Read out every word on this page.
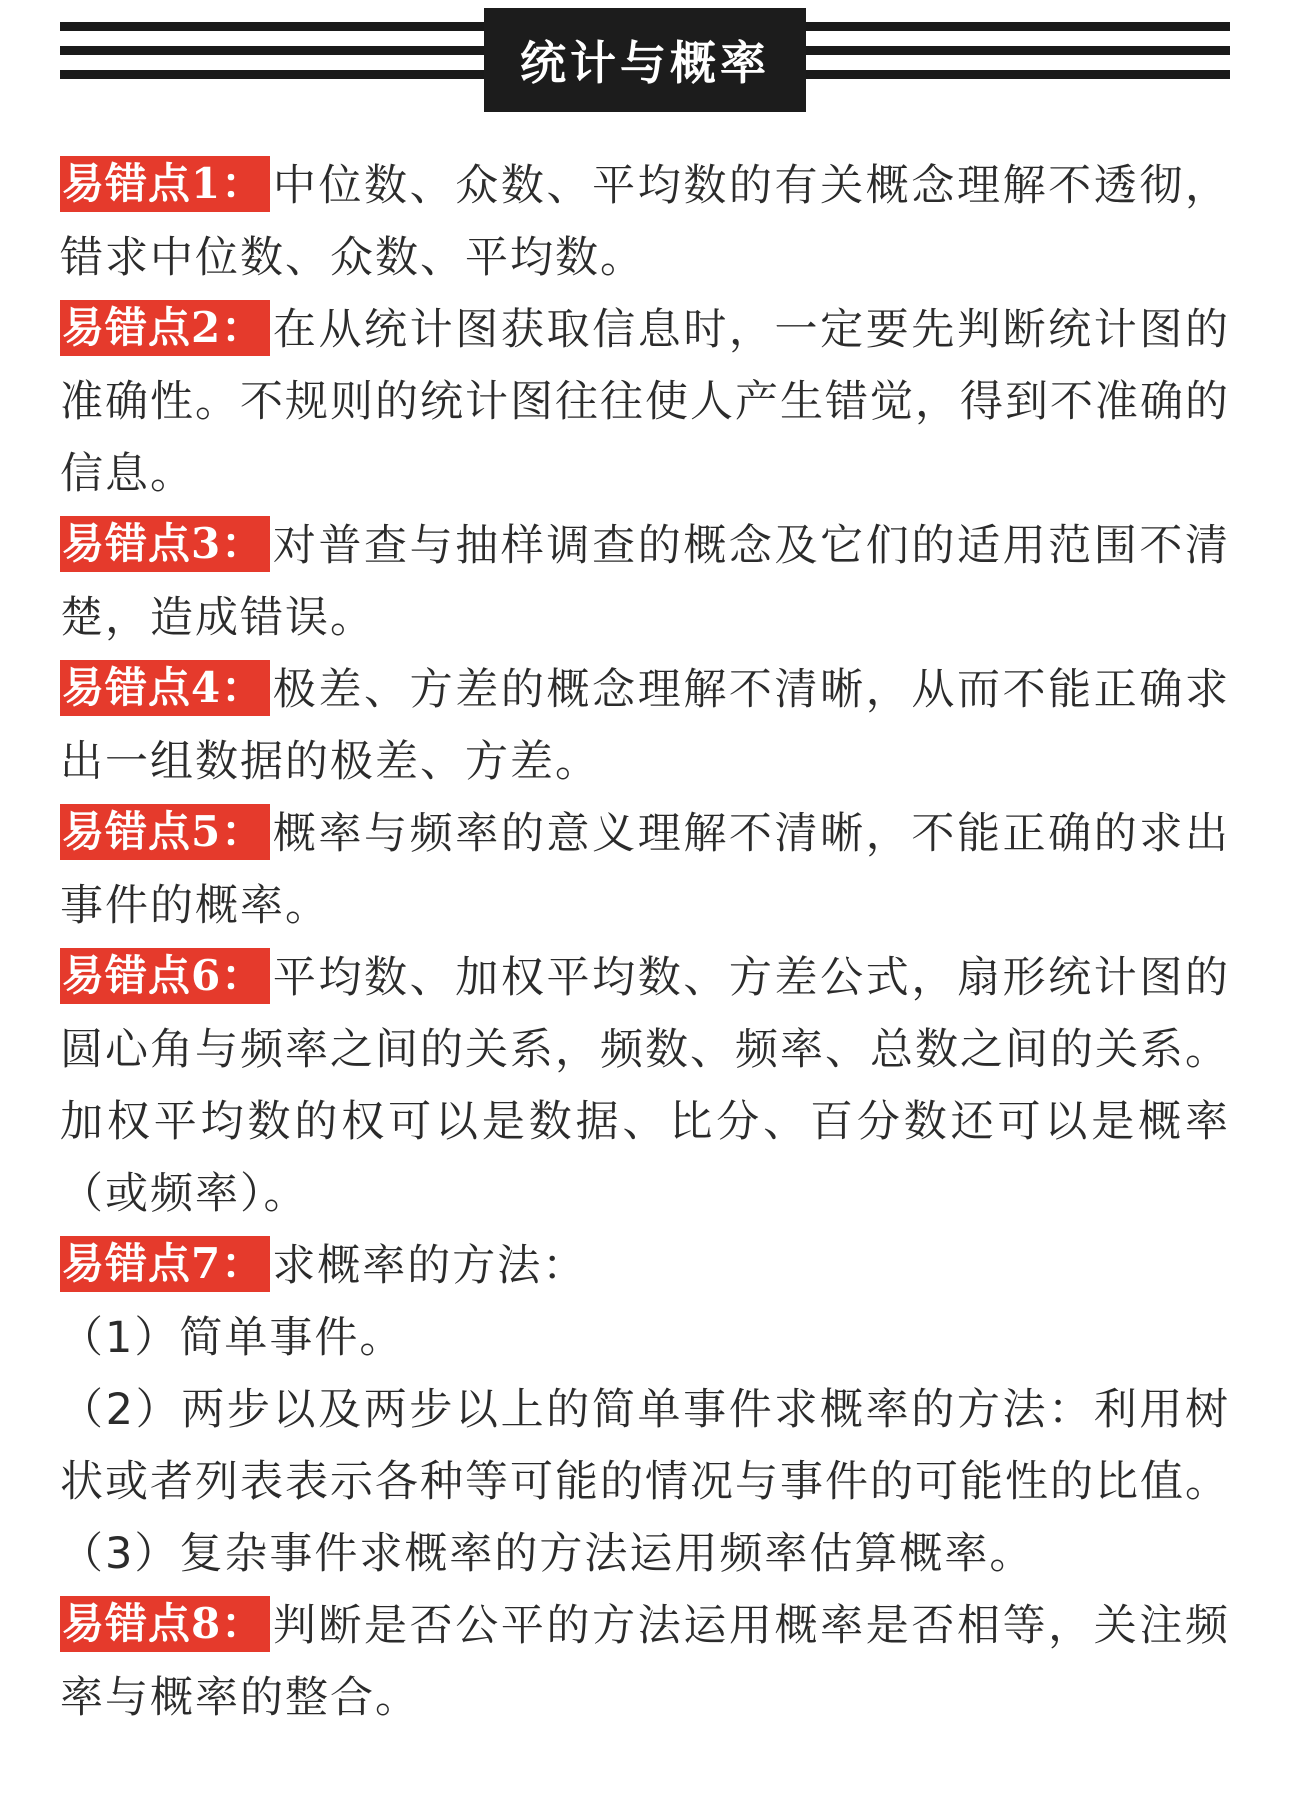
统计与概率

易错点1： 中位数、众数、平均数的有关概念理解不透彻，错求中位数、众数、平均数。

易错点2： 在从统计图获取信息时，一定要先判断统计图的准确性。不规则的统计图往往使人产生错觉，得到不准确的信息。

易错点3： 对普查与抽样调查的概念及它们的适用范围不清楚，造成错误。

易错点4： 极差、方差的概念理解不清晰，从而不能正确求出一组数据的极差、方差。

易错点5： 概率与频率的意义理解不清晰，不能正确的求出事件的概率。

易错点6： 平均数、加权平均数、方差公式，扇形统计图的圆心角与频率之间的关系，频数、频率、总数之间的关系。加权平均数的权可以是数据、比分、百分数还可以是概率（或频率）。

易错点7： 求概率的方法：

（1）简单事件。

（2）两步以及两步以上的简单事件求概率的方法：利用树状或者列表表示各种等可能的情况与事件的可能性的比值。

（3）复杂事件求概率的方法运用频率估算概率。

易错点8： 判断是否公平的方法运用概率是否相等，关注频率与概率的整合。
